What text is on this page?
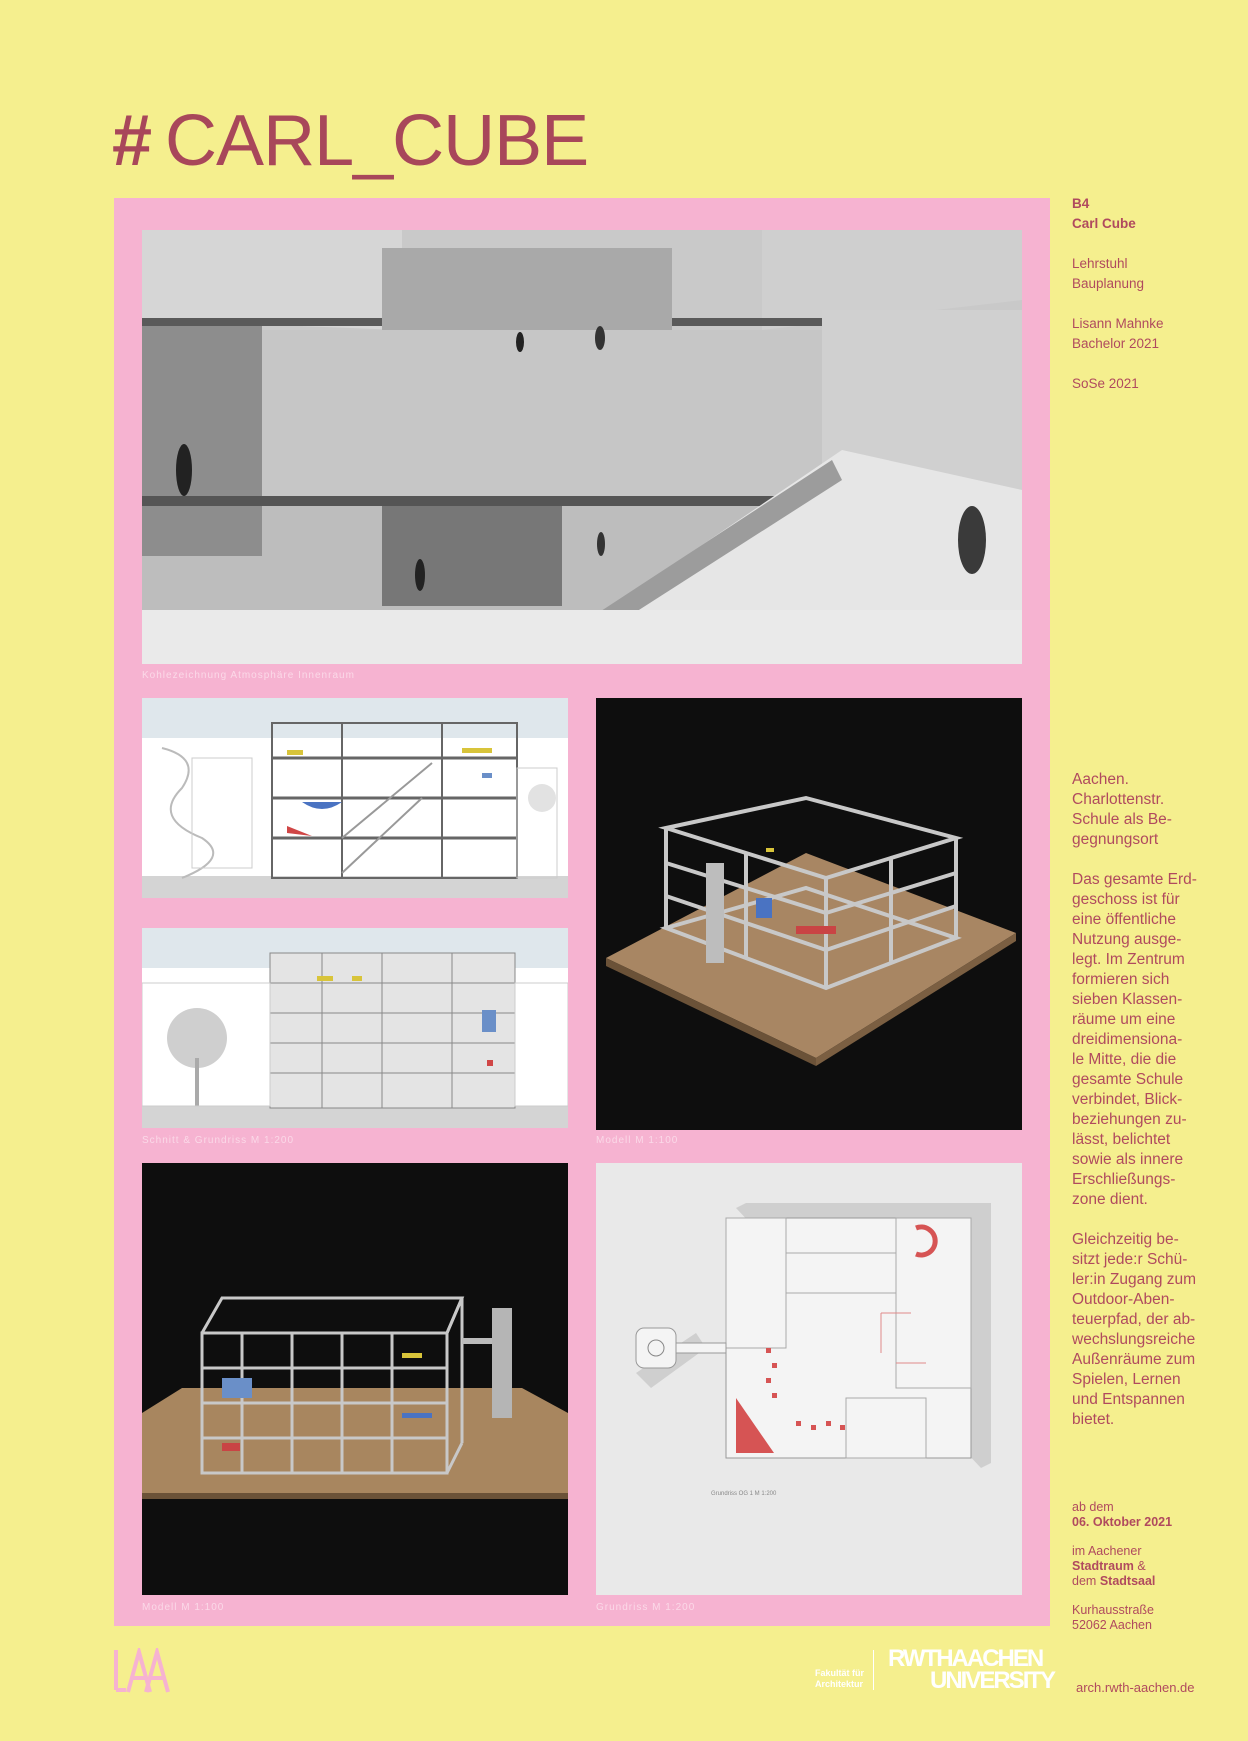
# CARL_CUBE
Kohlezeichnung Atmosphäre Innenraum
Schnitt & Grundriss M 1:200	Modell M 1:100
Modell M 1:100
Grundriss OG 1 M 1:200
Grundriss M 1:200
B4
Carl Cube
Lehrstuhl
Bauplanung
Lisann Mahnke
Bachelor 2021
SoSe 2021
Aachen.
Charlottenstr.
Schule als Be-
gegnungsort
Das gesamte Erd-
geschoss ist für
eine öffentliche
Nutzung ausge-
legt. Im Zentrum
formieren sich
sieben Klassen-
räume um eine
dreidimensiona-
le Mitte, die die
gesamte Schule
verbindet, Blick-
beziehungen zu-
lässt, belichtet
sowie als innere
Erschließungs-
zone dient.
Gleichzeitig be-
sitzt jede:r Schü-
ler:in Zugang zum
Outdoor-Aben-
teuerpfad, der ab-
wechslungsreiche
Außenräume zum
Spielen, Lernen
und Entspannen
bietet.
ab dem
06. Oktober 2021
im Aachener
Stadtraum &
dem Stadtsaal
Kurhausstraße
52062 Aachen
Fakultät für
Architektur
RWTHAACHEN
UNIVERSITY arch.rwth-aachen.de
